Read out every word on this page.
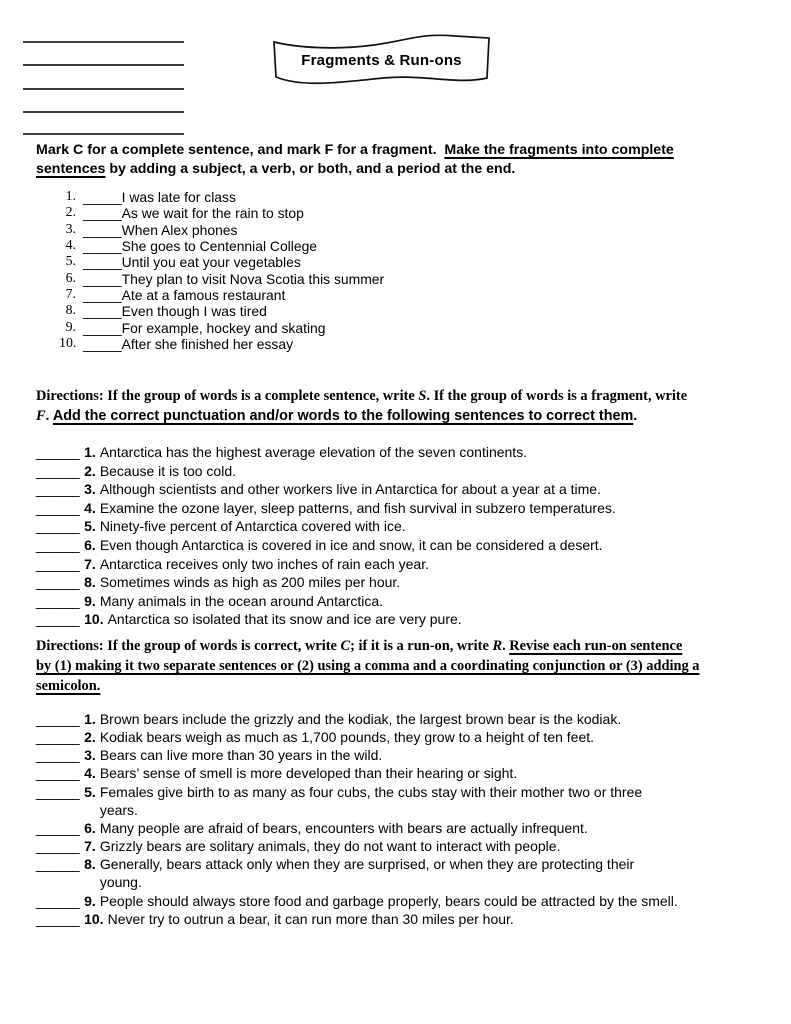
Fragments & Run-ons
Mark C for a complete sentence, and mark F for a fragment.  Make the fragments into complete
sentences by adding a subject, a verb, or both, and a period at the end.
1. _____ I was late for class
2. _____ As we wait for the rain to stop
3. _____ When Alex phones
4. _____ She goes to Centennial College
5. _____ Until you eat your vegetables
6. _____ They plan to visit Nova Scotia this summer
7. _____ Ate at a famous restaurant
8. _____ Even though I was tired
9. _____ For example, hockey and skating
10. _____ After she finished her essay
Directions: If the group of words is a complete sentence, write S. If the group of words is a fragment, write
F. Add the correct punctuation and/or words to the following sentences to correct them.
______ 1. Antarctica has the highest average elevation of the seven continents.
______ 2. Because it is too cold.
______ 3. Although scientists and other workers live in Antarctica for about a year at a time.
______ 4. Examine the ozone layer, sleep patterns, and fish survival in subzero temperatures.
______ 5. Ninety-five percent of Antarctica covered with ice.
______ 6. Even though Antarctica is covered in ice and snow, it can be considered a desert.
______ 7. Antarctica receives only two inches of rain each year.
______ 8. Sometimes winds as high as 200 miles per hour.
______ 9. Many animals in the ocean around Antarctica.
______ 10. Antarctica so isolated that its snow and ice are very pure.
Directions: If the group of words is correct, write C; if it is a run-on, write R. Revise each run-on sentence
by (1) making it two separate sentences or (2) using a comma and a coordinating conjunction or (3) adding a
semicolon.
______ 1. Brown bears include the grizzly and the kodiak, the largest brown bear is the kodiak.
______ 2. Kodiak bears weigh as much as 1,700 pounds, they grow to a height of ten feet.
______ 3. Bears can live more than 30 years in the wild.
______ 4. Bears’ sense of smell is more developed than their hearing or sight.
______ 5. Females give birth to as many as four cubs, the cubs stay with their mother two or three
years.
______ 6. Many people are afraid of bears, encounters with bears are actually infrequent.
______ 7. Grizzly bears are solitary animals, they do not want to interact with people.
______ 8. Generally, bears attack only when they are surprised, or when they are protecting their
young.
______ 9. People should always store food and garbage properly, bears could be attracted by the smell.
______ 10. Never try to outrun a bear, it can run more than 30 miles per hour.
